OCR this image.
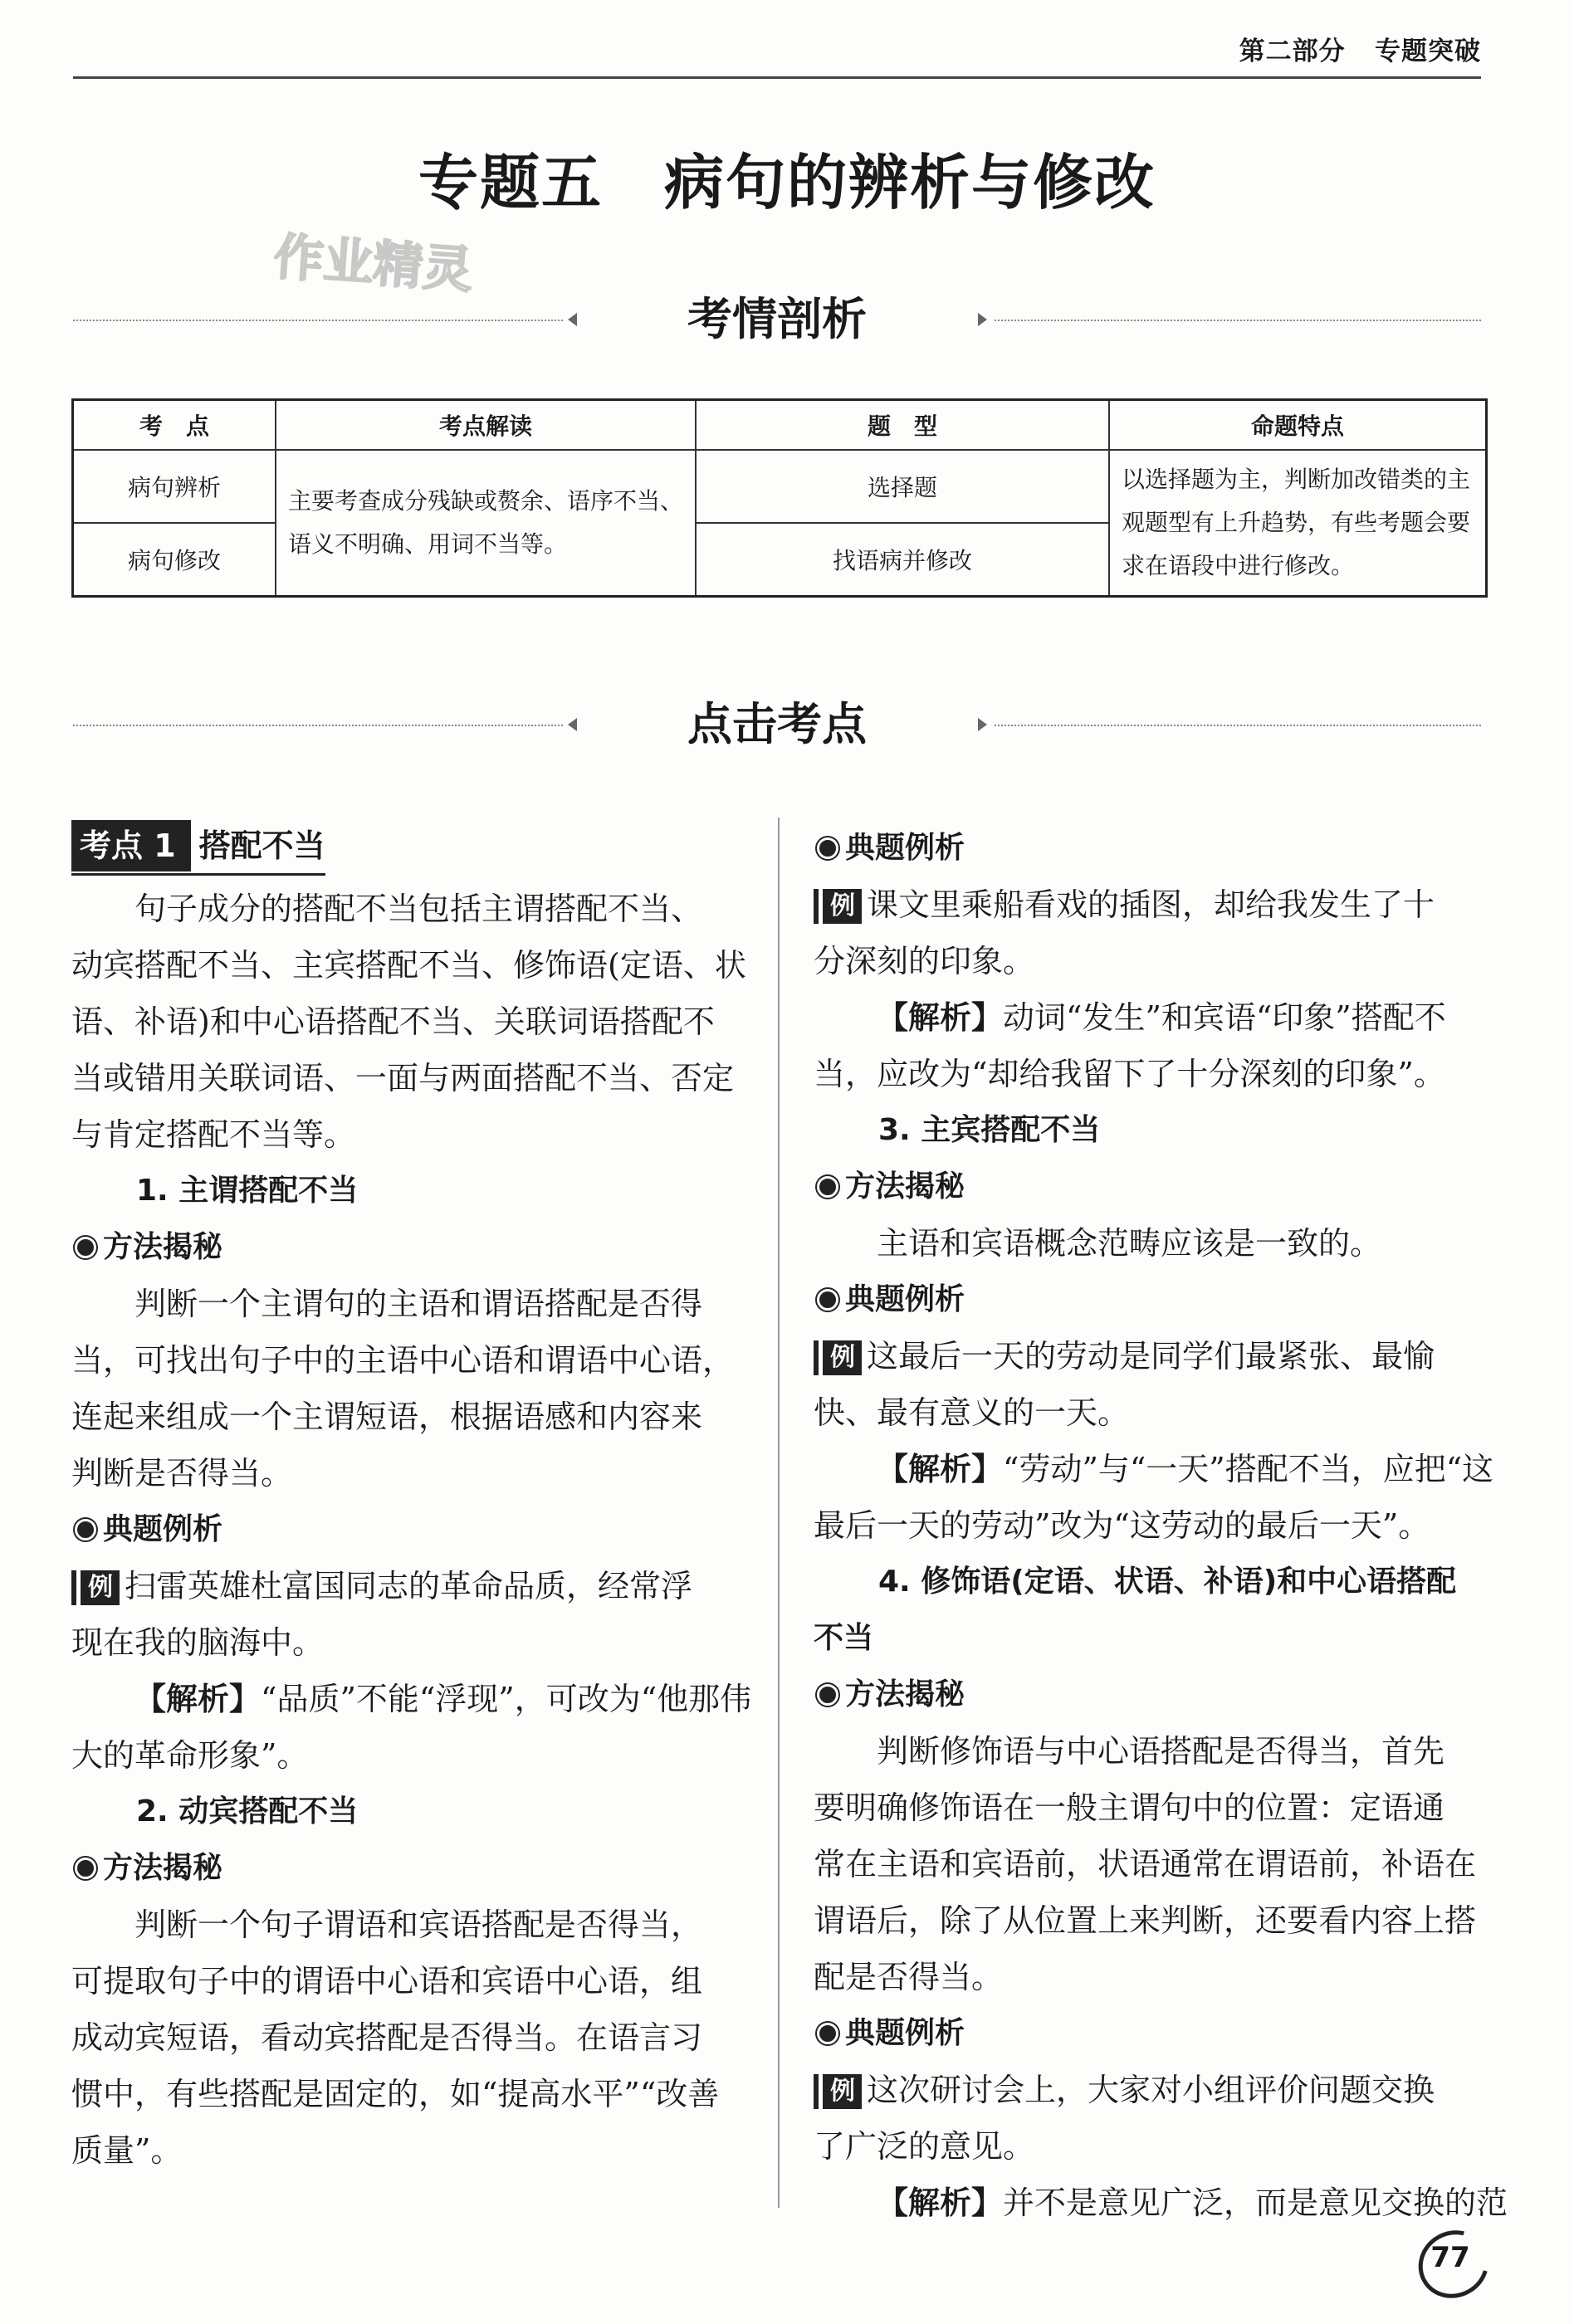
第二部分 专题突破
专题五　病句的辨析与修改
作业精灵
考情剖析
考　点	考点解读	题　型	命题特点
病句辨析	主要考查成分残缺或赘余、语序不当、语义不明确、用词不当等。	选择题	以选择题为主，判断加改错类的主观题型有上升趋势，有些考题会要求在语段中进行修改。
病句修改		找语病并修改	
点击考点
考点 1 搭配不当
句子成分的搭配不当包括主谓搭配不当、
动宾搭配不当、主宾搭配不当、修饰语(定语、状
语、补语)和中心语搭配不当、关联词语搭配不
当或错用关联词语、一面与两面搭配不当、否定
与肯定搭配不当等。
1. 主谓搭配不当
方法揭秘
判断一个主谓句的主语和谓语搭配是否得
当，可找出句子中的主语中心语和谓语中心语，
连起来组成一个主谓短语，根据语感和内容来
判断是否得当。
典题例析
例 扫雷英雄杜富国同志的革命品质，经常浮
现在我的脑海中。
【解析】“品质”不能“浮现”，可改为“他那伟
大的革命形象”。
2. 动宾搭配不当
方法揭秘
判断一个句子谓语和宾语搭配是否得当，
可提取句子中的谓语中心语和宾语中心语，组
成动宾短语，看动宾搭配是否得当。在语言习
惯中，有些搭配是固定的，如“提高水平”“改善
质量”。
典题例析
例 课文里乘船看戏的插图，却给我发生了十
分深刻的印象。
【解析】动词“发生”和宾语“印象”搭配不
当，应改为“却给我留下了十分深刻的印象”。
3. 主宾搭配不当
方法揭秘
主语和宾语概念范畴应该是一致的。
典题例析
例 这最后一天的劳动是同学们最紧张、最愉
快、最有意义的一天。
【解析】“劳动”与“一天”搭配不当，应把“这
最后一天的劳动”改为“这劳动的最后一天”。
4. 修饰语(定语、状语、补语)和中心语搭配
不当
方法揭秘
判断修饰语与中心语搭配是否得当，首先
要明确修饰语在一般主谓句中的位置：定语通
常在主语和宾语前，状语通常在谓语前，补语在
谓语后，除了从位置上来判断，还要看内容上搭
配是否得当。
典题例析
例 这次研讨会上，大家对小组评价问题交换
了广泛的意见。
【解析】并不是意见广泛，而是意见交换的范
77
